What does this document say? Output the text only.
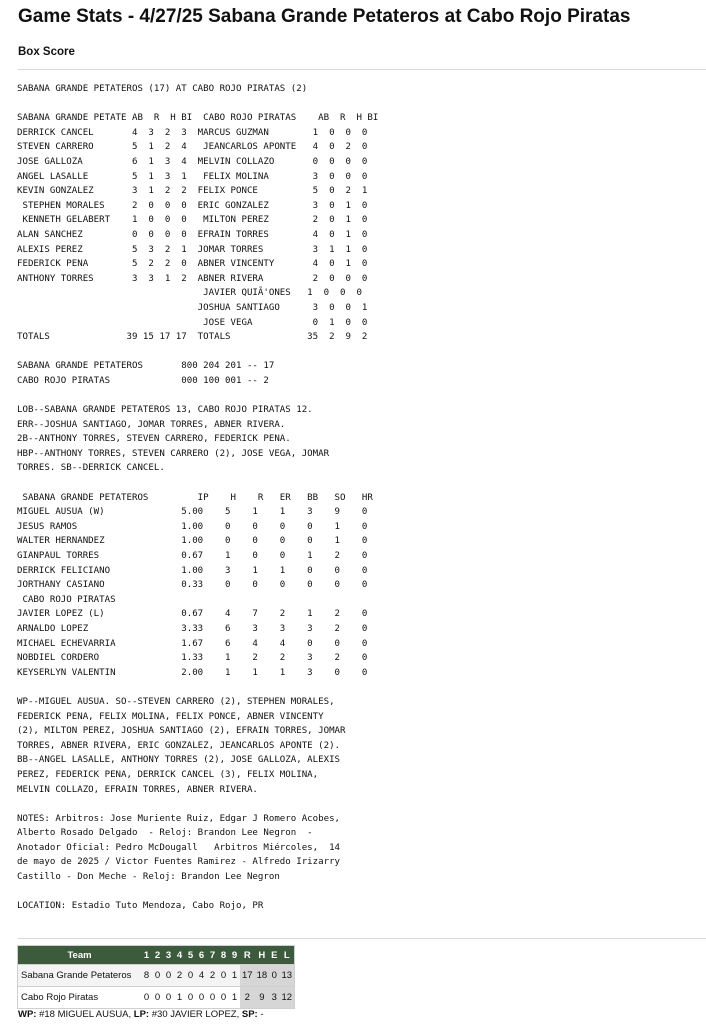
Game Stats - 4/27/25 Sabana Grande Petateros at Cabo Rojo Piratas
Box Score
SABANA GRANDE PETATEROS (17) AT CABO ROJO PIRATAS (2)

SABANA GRANDE PETATE AB  R  H BI  CABO ROJO PIRATAS    AB  R  H BI
DERRICK CANCEL       4  3  2  3  MARCUS GUZMAN        1  0  0  0
STEVEN CARRERO       5  1  2  4   JEANCARLOS APONTE   4  0  2  0
JOSE GALLOZA         6  1  3  4  MELVIN COLLAZO       0  0  0  0
ANGEL LASALLE        5  1  3  1   FELIX MOLINA        3  0  0  0
KEVIN GONZALEZ       3  1  2  2  FELIX PONCE          5  0  2  1
STEPHEN MORALES     2  0  0  0  ERIC GONZALEZ        3  0  1  0
KENNETH GELABERT    1  0  0  0   MILTON PEREZ        2  0  1  0
ALAN SANCHEZ         0  0  0  0  EFRAIN TORRES        4  0  1  0
ALEXIS PEREZ         5  3  2  1  JOMAR TORRES         3  1  1  0
FEDERICK PENA        5  2  2  0  ABNER VINCENTY       4  0  1  0
ANTHONY TORRES       3  3  1  2  ABNER RIVERA         2  0  0  0
JAVIER QUIÃ'ONES   1  0  0  0
JOSHUA SANTIAGO      3  0  0  1
JOSE VEGA           0  1  0  0
TOTALS              39 15 17 17  TOTALS              35  2  9  2

SABANA GRANDE PETATEROS       800 204 201 -- 17
CABO ROJO PIRATAS             000 100 001 -- 2

LOB--SABANA GRANDE PETATEROS 13, CABO ROJO PIRATAS 12.
ERR--JOSHUA SANTIAGO, JOMAR TORRES, ABNER RIVERA.
2B--ANTHONY TORRES, STEVEN CARRERO, FEDERICK PENA.
HBP--ANTHONY TORRES, STEVEN CARRERO (2), JOSE VEGA, JOMAR
TORRES. SB--DERRICK CANCEL.

SABANA GRANDE PETATEROS         IP    H    R   ER   BB   SO   HR
MIGUEL AUSUA (W)              5.00    5    1    1    3    9    0
JESUS RAMOS                   1.00    0    0    0    0    1    0
WALTER HERNANDEZ              1.00    0    0    0    0    1    0
GIANPAUL TORRES               0.67    1    0    0    1    2    0
DERRICK FELICIANO             1.00    3    1    1    0    0    0
JORTHANY CASIANO              0.33    0    0    0    0    0    0
CABO ROJO PIRATAS
JAVIER LOPEZ (L)              0.67    4    7    2    1    2    0
ARNALDO LOPEZ                 3.33    6    3    3    3    2    0
MICHAEL ECHEVARRIA            1.67    6    4    4    0    0    0
NOBDIEL CORDERO               1.33    1    2    2    3    2    0
KEYSERLYN VALENTIN            2.00    1    1    1    3    0    0

WP--MIGUEL AUSUA. SO--STEVEN CARRERO (2), STEPHEN MORALES,
FEDERICK PENA, FELIX MOLINA, FELIX PONCE, ABNER VINCENTY
(2), MILTON PEREZ, JOSHUA SANTIAGO (2), EFRAIN TORRES, JOMAR
TORRES, ABNER RIVERA, ERIC GONZALEZ, JEANCARLOS APONTE (2).
BB--ANGEL LASALLE, ANTHONY TORRES (2), JOSE GALLOZA, ALEXIS
PEREZ, FEDERICK PENA, DERRICK CANCEL (3), FELIX MOLINA,
MELVIN COLLAZO, EFRAIN TORRES, ABNER RIVERA.

NOTES: Arbitros: Jose Muriente Ruiz, Edgar J Romero Acobes,
Alberto Rosado Delgado  - Reloj: Brandon Lee Negron  -
Anotador Oficial: Pedro McDougall   Arbitros Miércoles,  14
de mayo de 2025 / Victor Fuentes Ramirez - Alfredo Irizarry
Castillo - Don Meche - Reloj: Brandon Lee Negron

LOCATION: Estadio Tuto Mendoza, Cabo Rojo, PR
Team	1	2	3	4	5	6	7	8	9	R	H	E	L
Sabana Grande Petateros	8	0	0	2	0	4	2	0	1	17	18	0	13
Cabo Rojo Piratas	0	0	0	1	0	0	0	0	1	2	9	3	12
WP: #18 MIGUEL AUSUA, LP: #30 JAVIER LOPEZ, SP: -
